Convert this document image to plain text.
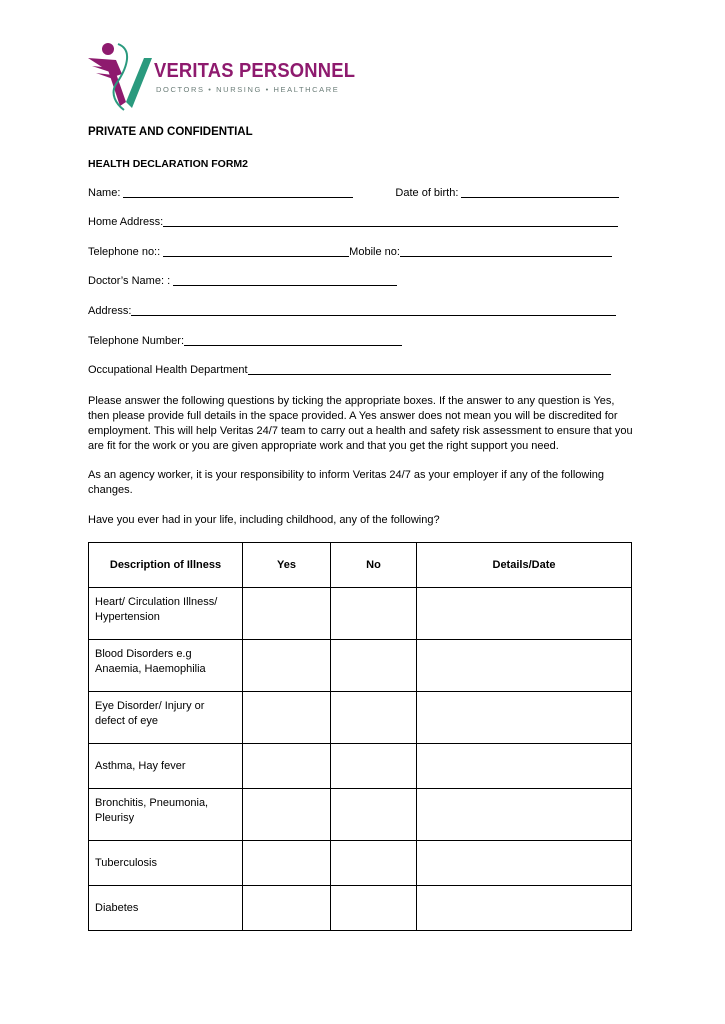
VERITAS PERSONNEL
DOCTORS • NURSING • HEALTHCARE
PRIVATE AND CONFIDENTIAL
HEALTH DECLARATION FORM2
Name:	Date of birth:
Home Address:
Telephone no::	Mobile no:
Doctor’s Name: :
Address:
Telephone Number:
Occupational Health Department
Please answer the following questions by ticking the appropriate boxes. If the answer to any question is Yes, then please provide full details in the space provided. A Yes answer does not mean you will be discredited for employment. This will help Veritas 24/7 team to carry out a health and safety risk assessment to ensure that you are fit for the work or you are given appropriate work and that you get the right support you need.
As an agency worker, it is your responsibility to inform Veritas 24/7 as your employer if any of the following changes.
Have you ever had in your life, including childhood, any of the following?
Description of Illness	Yes	No	Details/Date
Heart/ Circulation Illness/ Hypertension			
Blood Disorders e.g Anaemia, Haemophilia			
Eye Disorder/ Injury or defect of eye			
Asthma, Hay fever			
Bronchitis, Pneumonia, Pleurisy			
Tuberculosis			
Diabetes			
